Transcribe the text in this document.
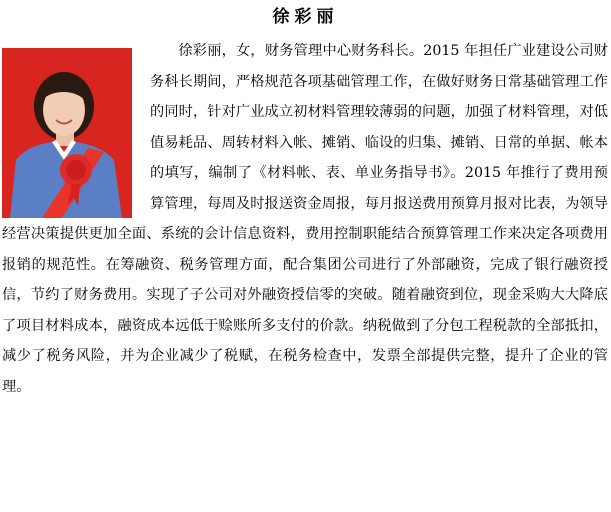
徐彩丽

徐彩丽，女，财务管理中心财务科长。2015 年担任广业建设公司财务科长期间，严格规范各项基础管理工作，在做好财务日常基础管理工作的同时，针对广业成立初材料管理较薄弱的问题，加强了材料管理，对低值易耗品、周转材料入帐、摊销、临设的归集、摊销、日常的单据、帐本的填写，编制了《材料帐、表、单业务指导书》。2015 年推行了费用预算管理，每周及时报送资金周报，每月报送费用预算月报对比表，为领导经营决策提供更加全面、系统的会计信息资料，费用控制职能结合预算管理工作来决定各项费用报销的规范性。在筹融资、税务管理方面，配合集团公司进行了外部融资，完成了银行融资授信，节约了财务费用。实现了子公司对外融资授信零的突破。随着融资到位，现金采购大大降底了项目材料成本，融资成本远低于赊账所多支付的价款。纳税做到了分包工程税款的全部抵扣，减少了税务风险，并为企业减少了税赋，在税务检查中，发票全部提供完整，提升了企业的管理。
